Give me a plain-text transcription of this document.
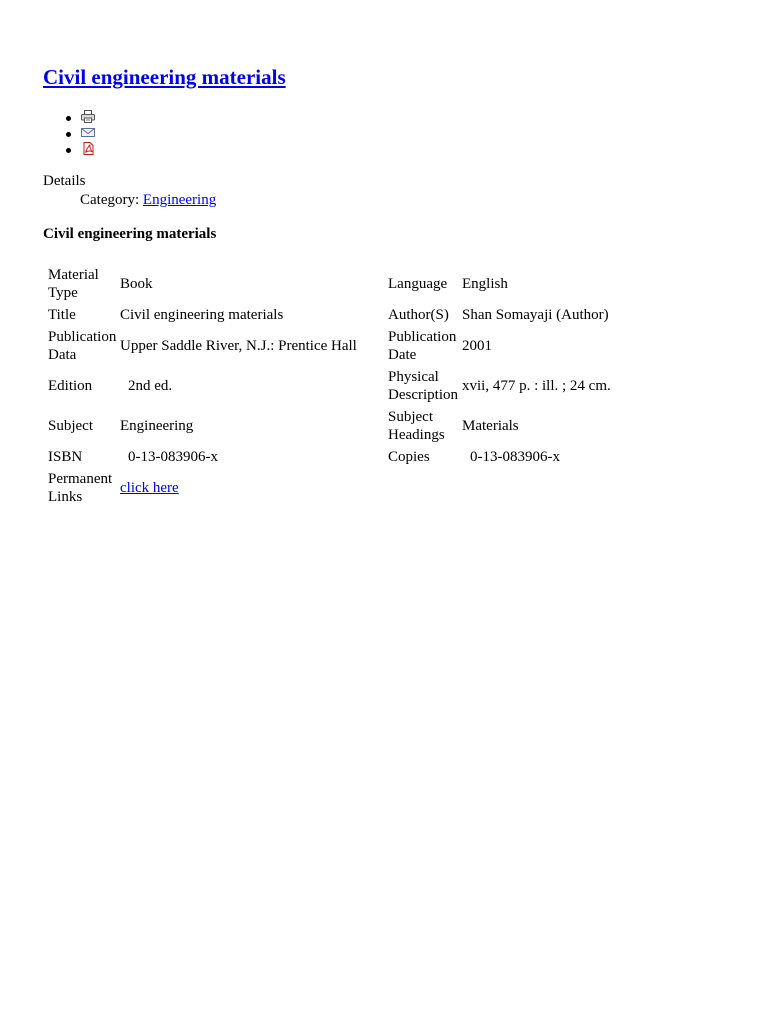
Civil engineering materials
Details
Category: Engineering
Civil engineering materials
Material Type	Book	Language	English
Title	Civil engineering materials	Author(S)	Shan Somayaji (Author)
Publication Data	Upper Saddle River, N.J.: Prentice Hall	Publication Date	2001
Edition	2nd ed.	Physical Description	xvii, 477 p. : ill. ; 24 cm.
Subject	Engineering	Subject Headings	Materials
ISBN	0-13-083906-x	Copies	0-13-083906-x
Permanent Links	click here		
